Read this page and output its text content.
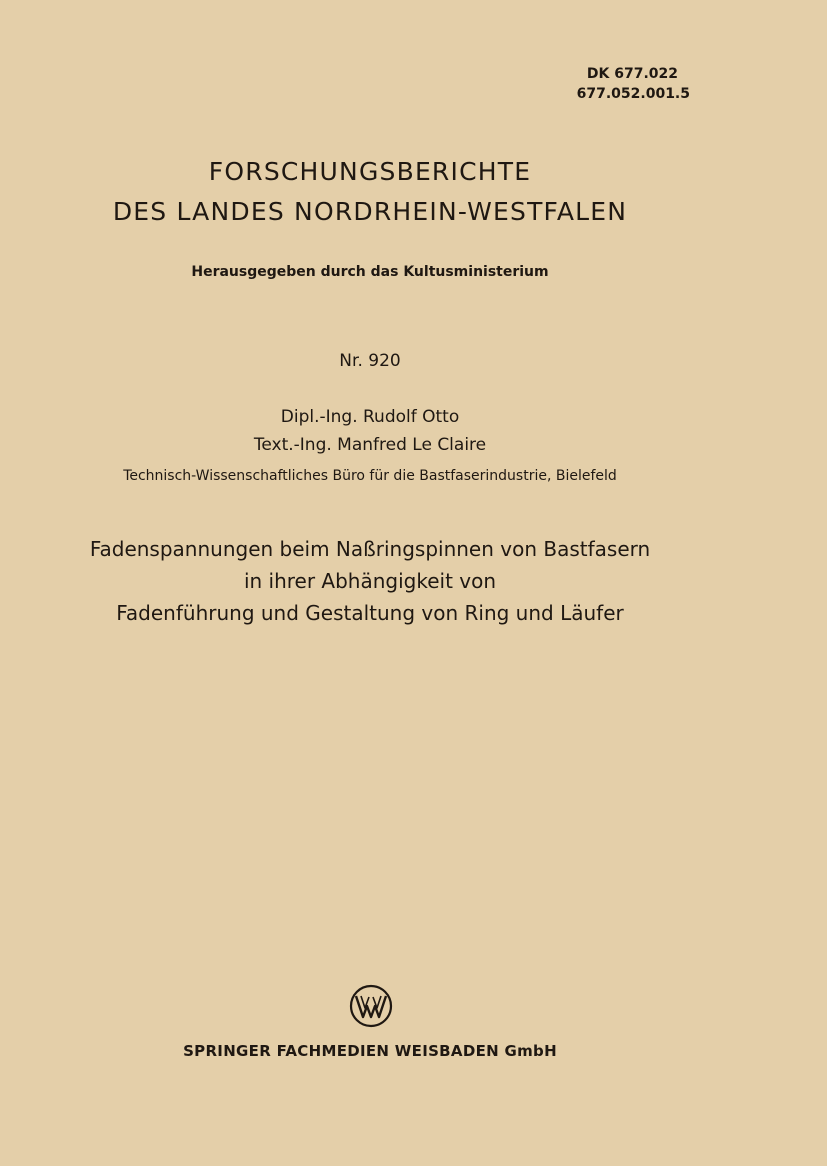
DK 677.022
677.052.001.5
FORSCHUNGSBERICHTE
DES LANDES NORDRHEIN-WESTFALEN
Herausgegeben durch das Kultusministerium
Nr. 920
Dipl.-Ing. Rudolf Otto
Text.-Ing. Manfred Le Claire
Technisch-Wissenschaftliches Büro für die Bastfaserindustrie, Bielefeld
Fadenspannungen beim Naßringspinnen von Bastfasern
in ihrer Abhängigkeit von
Fadenführung und Gestaltung von Ring und Läufer
SPRINGER FACHMEDIEN WEISBADEN GmbH
